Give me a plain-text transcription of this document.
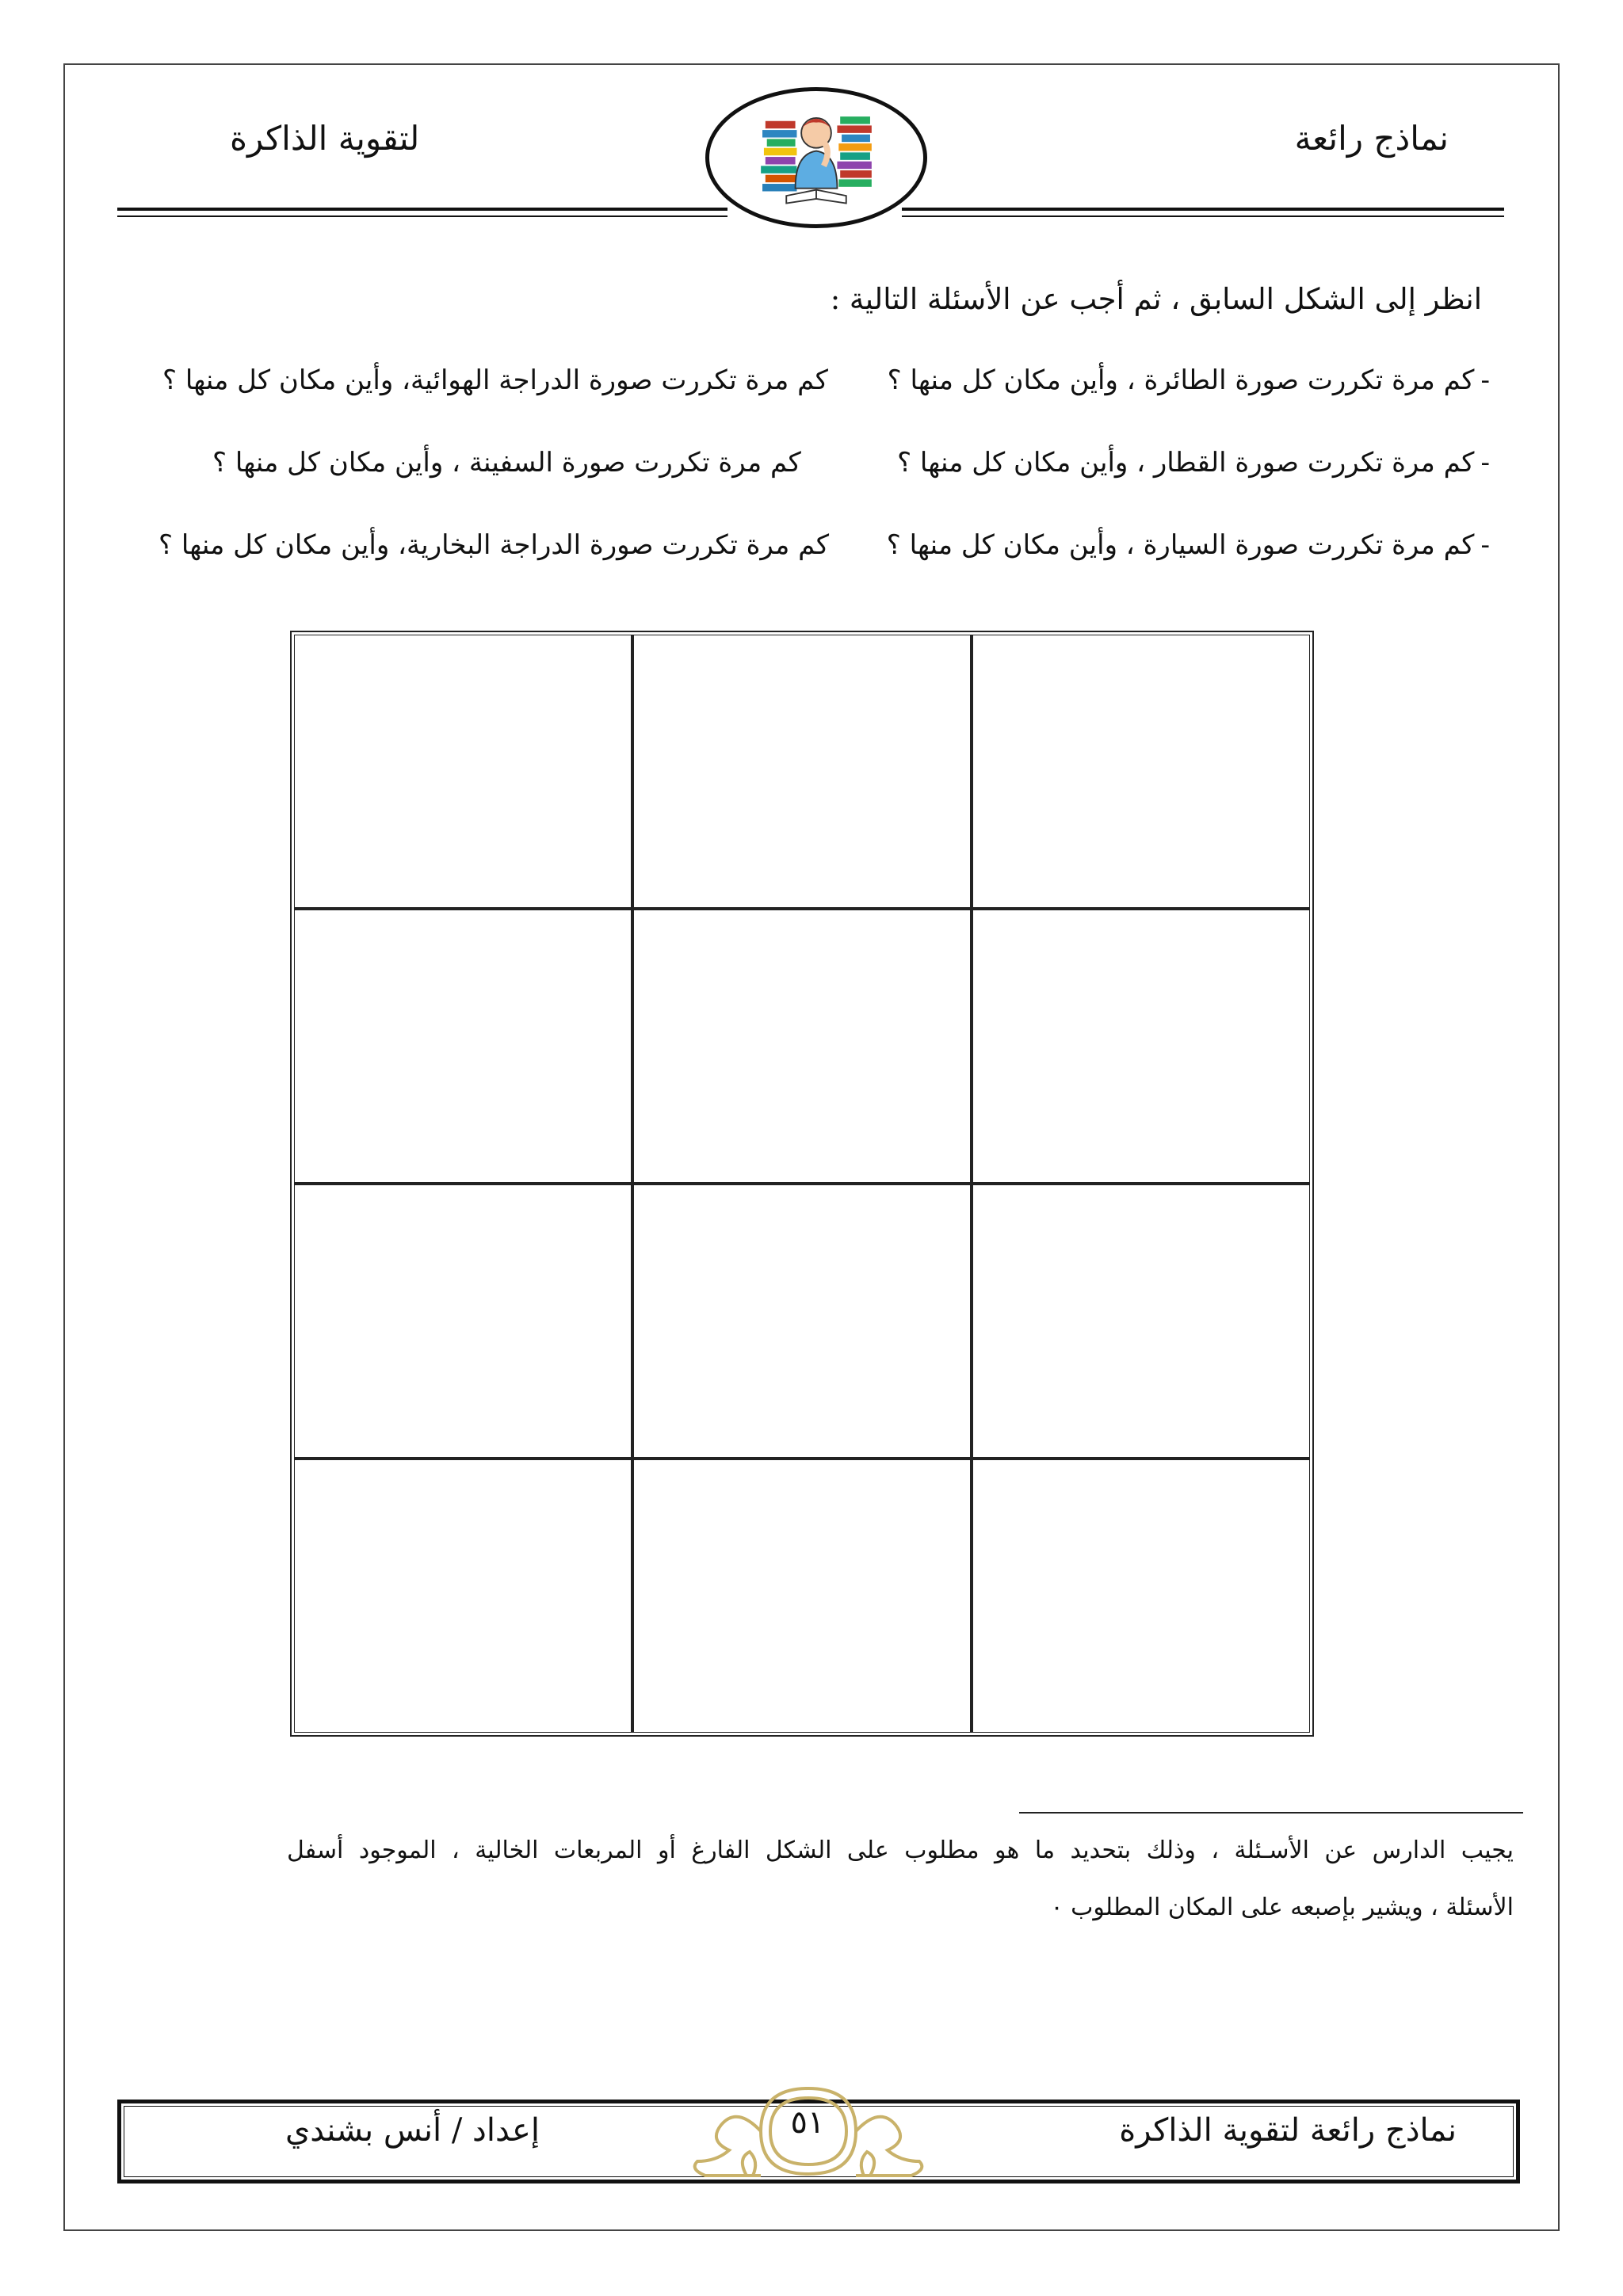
نماذج رائعة
لتقوية الذاكرة
انظر إلى الشكل السابق ، ثم أجب عن الأسئلة التالية :
-كم مرة تكررت صورة الطائرة ، وأين مكان كل منها ؟
كم مرة تكررت صورة الدراجة الهوائية، وأين مكان كل منها ؟
-كم مرة تكررت صورة القطار ، وأين مكان كل منها ؟
كم مرة تكررت صورة السفينة ، وأين مكان كل منها ؟
-كم مرة تكررت صورة السيارة ، وأين مكان كل منها ؟
كم مرة تكررت صورة الدراجة البخارية، وأين مكان كل منها ؟
يجيب الدارس عن الأسـئلة ، وذلك بتحديد ما هو مطلوب على الشكل الفارغ أو المربعات الخالية ، الموجود أسفل
الأسئلة ، ويشير بإصبعه على المكان المطلوب ٠
نماذج رائعة لتقوية الذاكرة
إعداد / أنس بشندي	٥١
